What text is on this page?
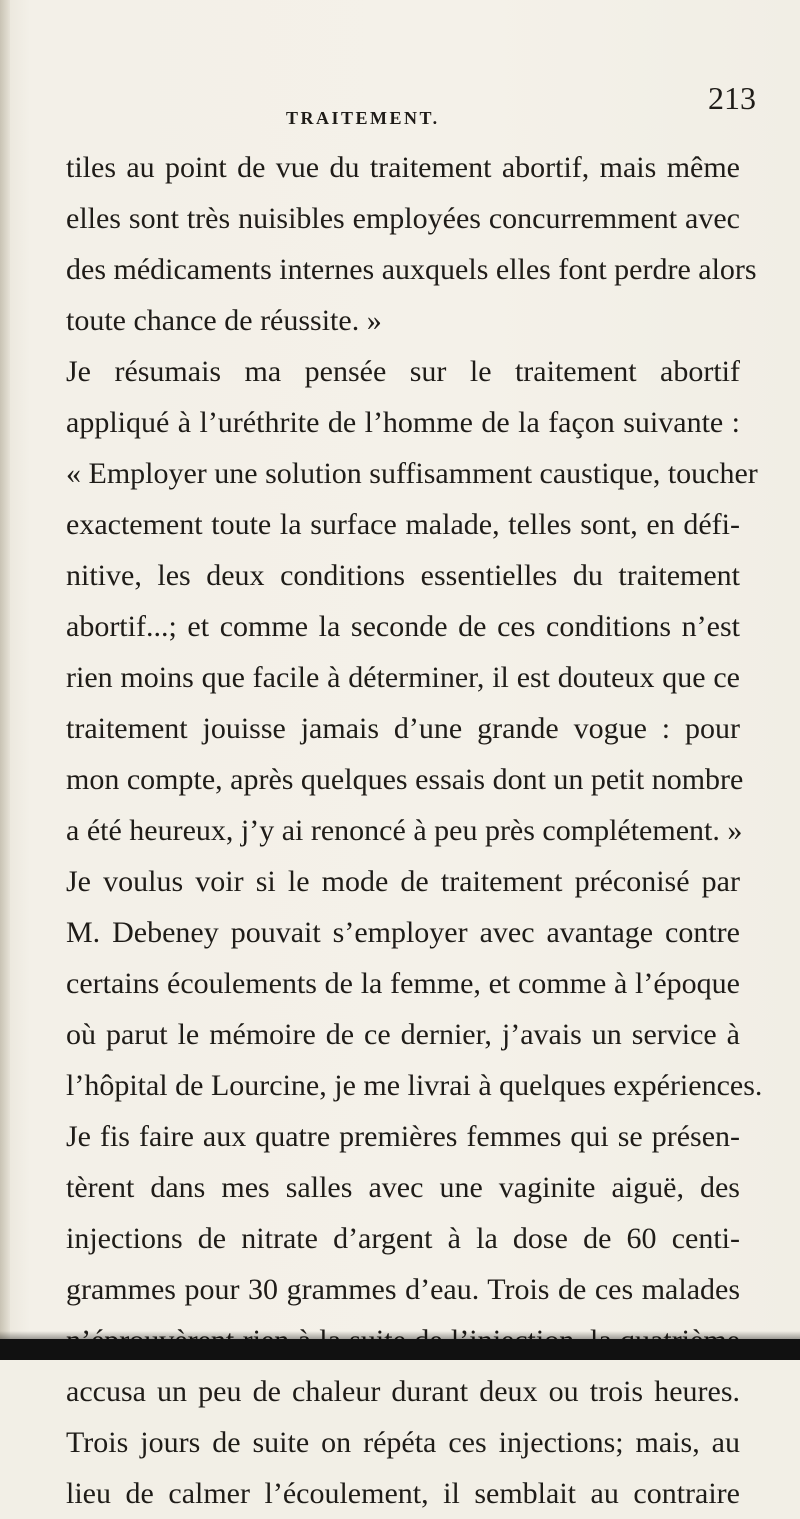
TRAITEMENT.
213
tiles au point de vue du traitement abortif, mais même
elles sont très nuisibles employées concurremment avec
des médicaments internes auxquels elles font perdre alors
toute chance de réussite. »
Je résumais ma pensée sur le traitement abortif
appliqué à l’uréthrite de l’homme de la façon suivante :
« Employer une solution suffisamment caustique, toucher
exactement toute la surface malade, telles sont, en défi-
nitive, les deux conditions essentielles du traitement
abortif...; et comme la seconde de ces conditions n’est
rien moins que facile à déterminer, il est douteux que ce
traitement jouisse jamais d’une grande vogue : pour
mon compte, après quelques essais dont un petit nombre
a été heureux, j’y ai renoncé à peu près complétement. »
Je voulus voir si le mode de traitement préconisé par
M. Debeney pouvait s’employer avec avantage contre
certains écoulements de la femme, et comme à l’époque
où parut le mémoire de ce dernier, j’avais un service à
l’hôpital de Lourcine, je me livrai à quelques expériences.
Je fis faire aux quatre premières femmes qui se présen-
tèrent dans mes salles avec une vaginite aiguë, des
injections de nitrate d’argent à la dose de 60 centi-
grammes pour 30 grammes d’eau. Trois de ces malades
accusa un peu de chaleur durant deux ou trois heures.
Trois jours de suite on répéta ces injections; mais, au
lieu de calmer l’écoulement, il semblait au contraire
